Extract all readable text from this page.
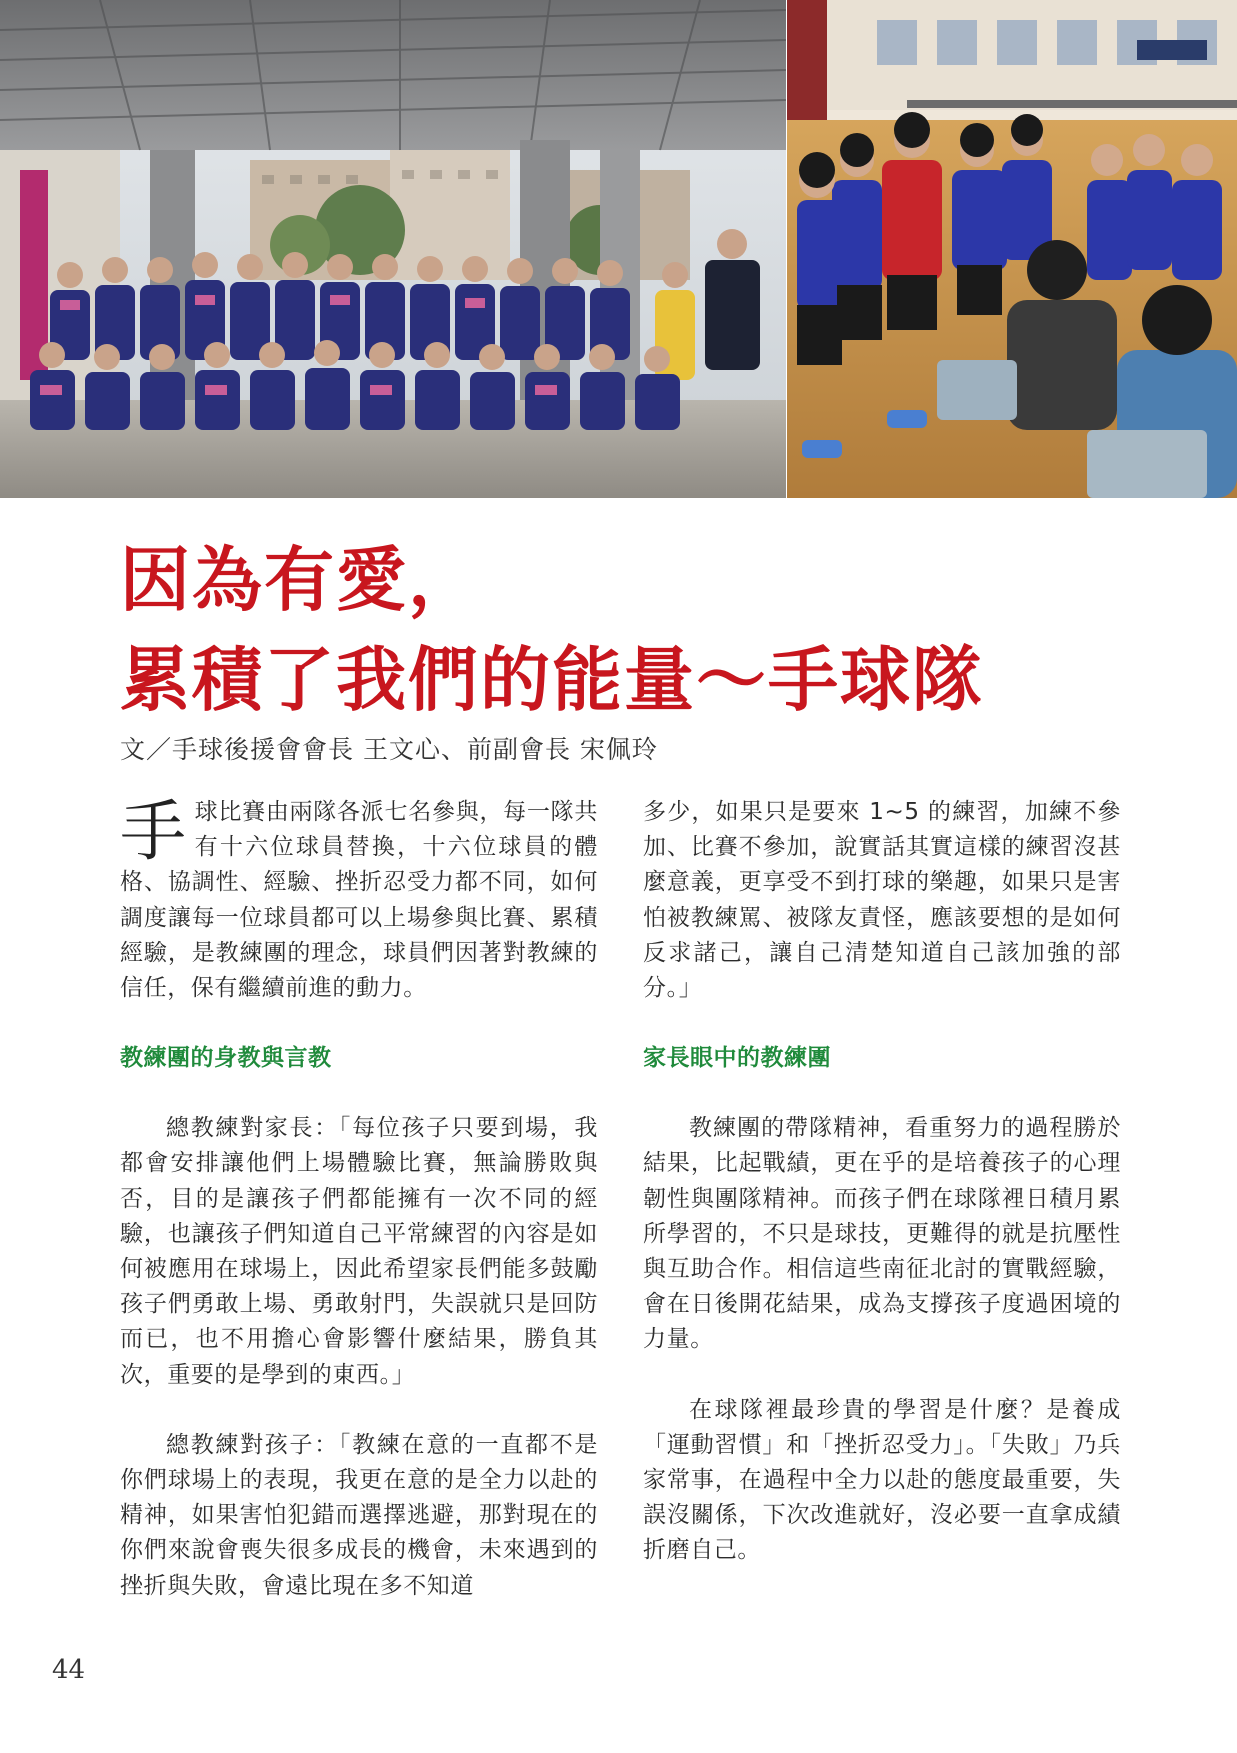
因為有愛，
累積了我們的能量～手球隊
文／手球後援會會長 王文心、前副會長 宋佩玲

手球比賽由兩隊各派七名參與，每一隊共有十六位球員替換，十六位球員的體格、協調性、經驗、挫折忍受力都不同，如何調度讓每一位球員都可以上場參與比賽、累積經驗，是教練團的理念，球員們因著對教練的信任，保有繼續前進的動力。

教練團的身教與言教

總教練對家長：「每位孩子只要到場，我都會安排讓他們上場體驗比賽，無論勝敗與否，目的是讓孩子們都能擁有一次不同的經驗，也讓孩子們知道自己平常練習的內容是如何被應用在球場上，因此希望家長們能多鼓勵孩子們勇敢上場、勇敢射門，失誤就只是回防而已，也不用擔心會影響什麼結果，勝負其次，重要的是學到的東西。」

總教練對孩子：「教練在意的一直都不是你們球場上的表現，我更在意的是全力以赴的精神，如果害怕犯錯而選擇逃避，那對現在的你們來說會喪失很多成長的機會，未來遇到的挫折與失敗，會遠比現在多不知道

多少，如果只是要來 1~5 的練習，加練不參加、比賽不參加，說實話其實這樣的練習沒甚麼意義，更享受不到打球的樂趣，如果只是害怕被教練罵、被隊友責怪，應該要想的是如何反求諸己，讓自己清楚知道自己該加強的部分。」

家長眼中的教練團

教練團的帶隊精神，看重努力的過程勝於結果，比起戰績，更在乎的是培養孩子的心理韌性與團隊精神。而孩子們在球隊裡日積月累所學習的，不只是球技，更難得的就是抗壓性與互助合作。相信這些南征北討的實戰經驗，會在日後開花結果，成為支撐孩子度過困境的力量。

在球隊裡最珍貴的學習是什麼？是養成「運動習慣」和「挫折忍受力」。「失敗」乃兵家常事，在過程中全力以赴的態度最重要，失誤沒關係，下次改進就好，沒必要一直拿成績折磨自己。

44
